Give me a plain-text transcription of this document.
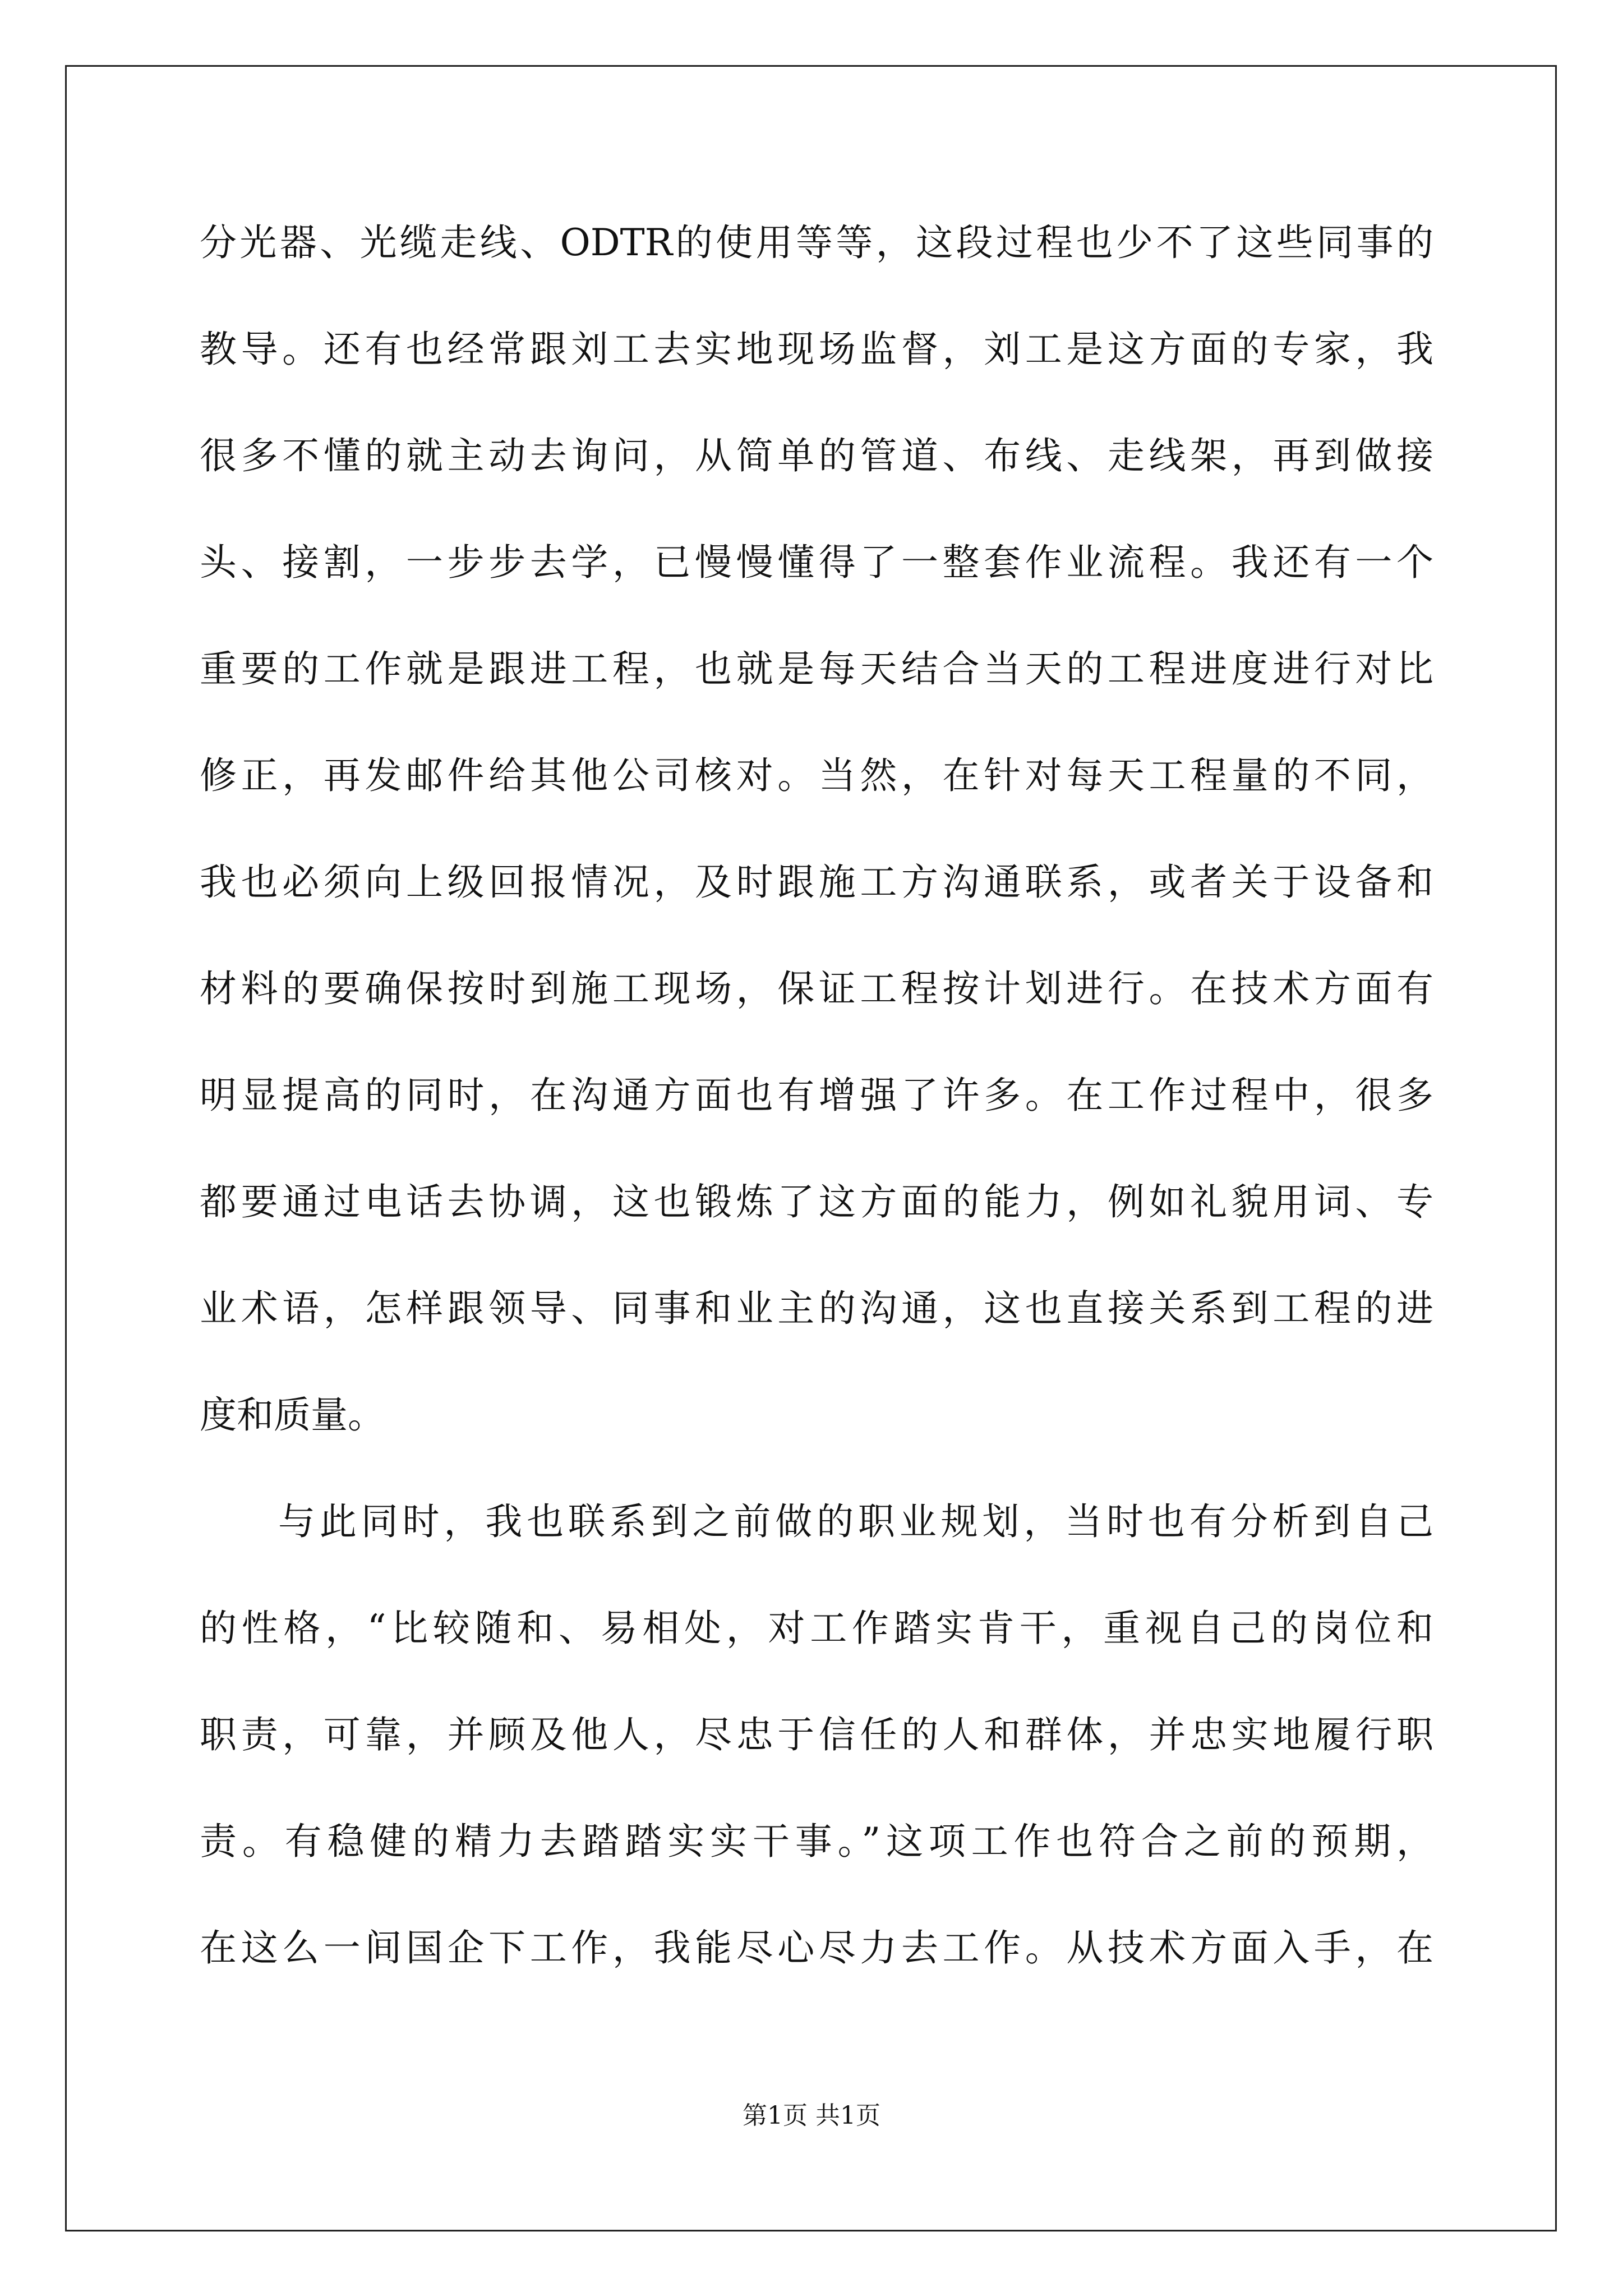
分光器、光缆走线、ODTR的使用等等，这段过程也少不了这些同事的
教导。还有也经常跟刘工去实地现场监督，刘工是这方面的专家，我
很多不懂的就主动去询问，从简单的管道、布线、走线架，再到做接
头、接割，一步步去学，已慢慢懂得了一整套作业流程。我还有一个
重要的工作就是跟进工程，也就是每天结合当天的工程进度进行对比
修正，再发邮件给其他公司核对。当然，在针对每天工程量的不同，
我也必须向上级回报情况，及时跟施工方沟通联系，或者关于设备和
材料的要确保按时到施工现场，保证工程按计划进行。在技术方面有
明显提高的同时，在沟通方面也有增强了许多。在工作过程中，很多
都要通过电话去协调，这也锻炼了这方面的能力，例如礼貌用词、专
业术语，怎样跟领导、同事和业主的沟通，这也直接关系到工程的进
度和质量。
与此同时，我也联系到之前做的职业规划，当时也有分析到自己
的性格，“比较随和、易相处，对工作踏实肯干，重视自己的岗位和
职责，可靠，并顾及他人，尽忠于信任的人和群体，并忠实地履行职
责。有稳健的精力去踏踏实实干事。”这项工作也符合之前的预期，
在这么一间国企下工作，我能尽心尽力去工作。从技术方面入手，在
第1页 共1页
